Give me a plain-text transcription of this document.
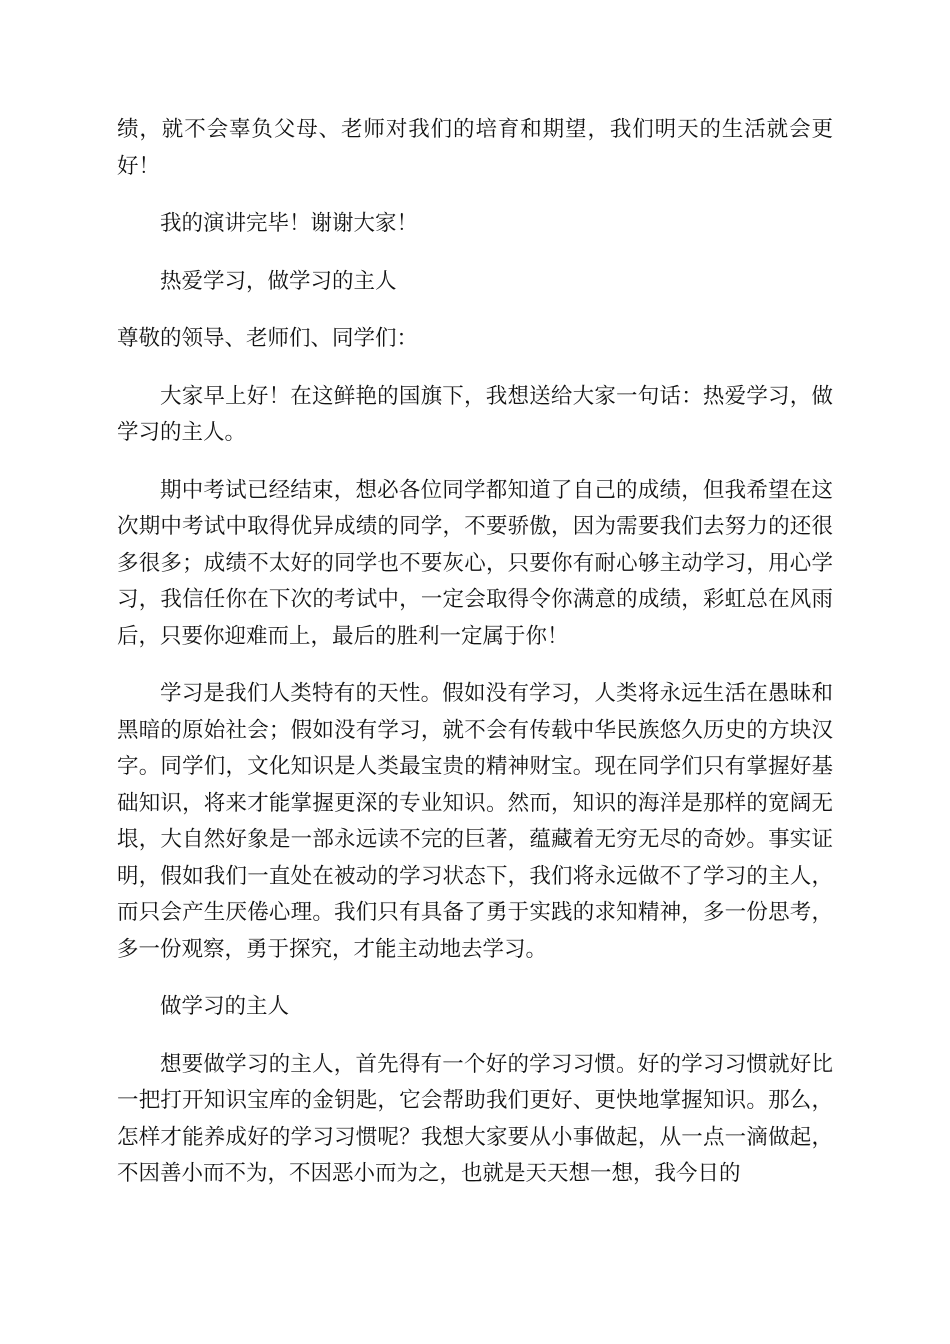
绩，就不会辜负父母、老师对我们的培育和期望，我们明天的生活就会更好！

我的演讲完毕！谢谢大家！

热爱学习，做学习的主人

尊敬的领导、老师们、同学们：

大家早上好！在这鲜艳的国旗下，我想送给大家一句话：热爱学习，做学习的主人。

期中考试已经结束，想必各位同学都知道了自己的成绩，但我希望在这次期中考试中取得优异成绩的同学，不要骄傲，因为需要我们去努力的还很多很多；成绩不太好的同学也不要灰心，只要你有耐心够主动学习，用心学习，我信任你在下次的考试中，一定会取得令你满意的成绩，彩虹总在风雨后，只要你迎难而上，最后的胜利一定属于你！

学习是我们人类特有的天性。假如没有学习，人类将永远生活在愚昧和黑暗的原始社会；假如没有学习，就不会有传载中华民族悠久历史的方块汉字。同学们，文化知识是人类最宝贵的精神财宝。现在同学们只有掌握好基础知识，将来才能掌握更深的专业知识。然而，知识的海洋是那样的宽阔无垠，大自然好象是一部永远读不完的巨著，蕴藏着无穷无尽的奇妙。事实证明，假如我们一直处在被动的学习状态下，我们将永远做不了学习的主人，而只会产生厌倦心理。我们只有具备了勇于实践的求知精神，多一份思考，多一份观察，勇于探究，才能主动地去学习。

做学习的主人

想要做学习的主人，首先得有一个好的学习习惯。好的学习习惯就好比一把打开知识宝库的金钥匙，它会帮助我们更好、更快地掌握知识。那么，怎样才能养成好的学习习惯呢？我想大家要从小事做起，从一点一滴做起，不因善小而不为，不因恶小而为之，也就是天天想一想，我今日的
